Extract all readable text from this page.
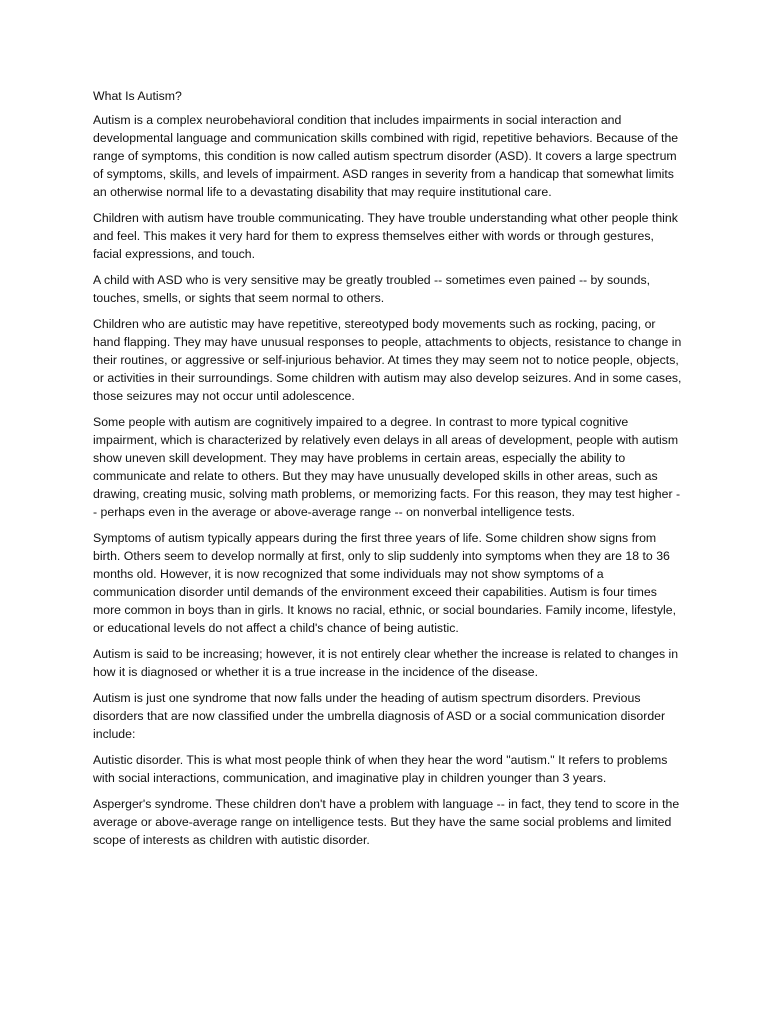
What Is Autism?

Autism is a complex neurobehavioral condition that includes impairments in social interaction and developmental language and communication skills combined with rigid, repetitive behaviors. Because of the range of symptoms, this condition is now called autism spectrum disorder (ASD). It covers a large spectrum of symptoms, skills, and levels of impairment. ASD ranges in severity from a handicap that somewhat limits an otherwise normal life to a devastating disability that may require institutional care.

Children with autism have trouble communicating. They have trouble understanding what other people think and feel. This makes it very hard for them to express themselves either with words or through gestures, facial expressions, and touch.

A child with ASD who is very sensitive may be greatly troubled -- sometimes even pained -- by sounds, touches, smells, or sights that seem normal to others.

Children who are autistic may have repetitive, stereotyped body movements such as rocking, pacing, or hand flapping. They may have unusual responses to people, attachments to objects, resistance to change in their routines, or aggressive or self-injurious behavior. At times they may seem not to notice people, objects, or activities in their surroundings. Some children with autism may also develop seizures. And in some cases, those seizures may not occur until adolescence.

Some people with autism are cognitively impaired to a degree. In contrast to more typical cognitive impairment, which is characterized by relatively even delays in all areas of development, people with autism show uneven skill development. They may have problems in certain areas, especially the ability to communicate and relate to others. But they may have unusually developed skills in other areas, such as drawing, creating music, solving math problems, or memorizing facts. For this reason, they may test higher -- perhaps even in the average or above-average range -- on nonverbal intelligence tests.

Symptoms of autism typically appears during the first three years of life. Some children show signs from birth. Others seem to develop normally at first, only to slip suddenly into symptoms when they are 18 to 36 months old. However, it is now recognized that some individuals may not show symptoms of a communication disorder until demands of the environment exceed their capabilities. Autism is four times more common in boys than in girls. It knows no racial, ethnic, or social boundaries. Family income, lifestyle, or educational levels do not affect a child's chance of being autistic.

Autism is said to be increasing; however, it is not entirely clear whether the increase is related to changes in how it is diagnosed or whether it is a true increase in the incidence of the disease.

Autism is just one syndrome that now falls under the heading of autism spectrum disorders. Previous disorders that are now classified under the umbrella diagnosis of ASD or a social communication disorder include:

Autistic disorder. This is what most people think of when they hear the word "autism." It refers to problems with social interactions, communication, and imaginative play in children younger than 3 years.

Asperger's syndrome. These children don't have a problem with language -- in fact, they tend to score in the average or above-average range on intelligence tests. But they have the same social problems and limited scope of interests as children with autistic disorder.
